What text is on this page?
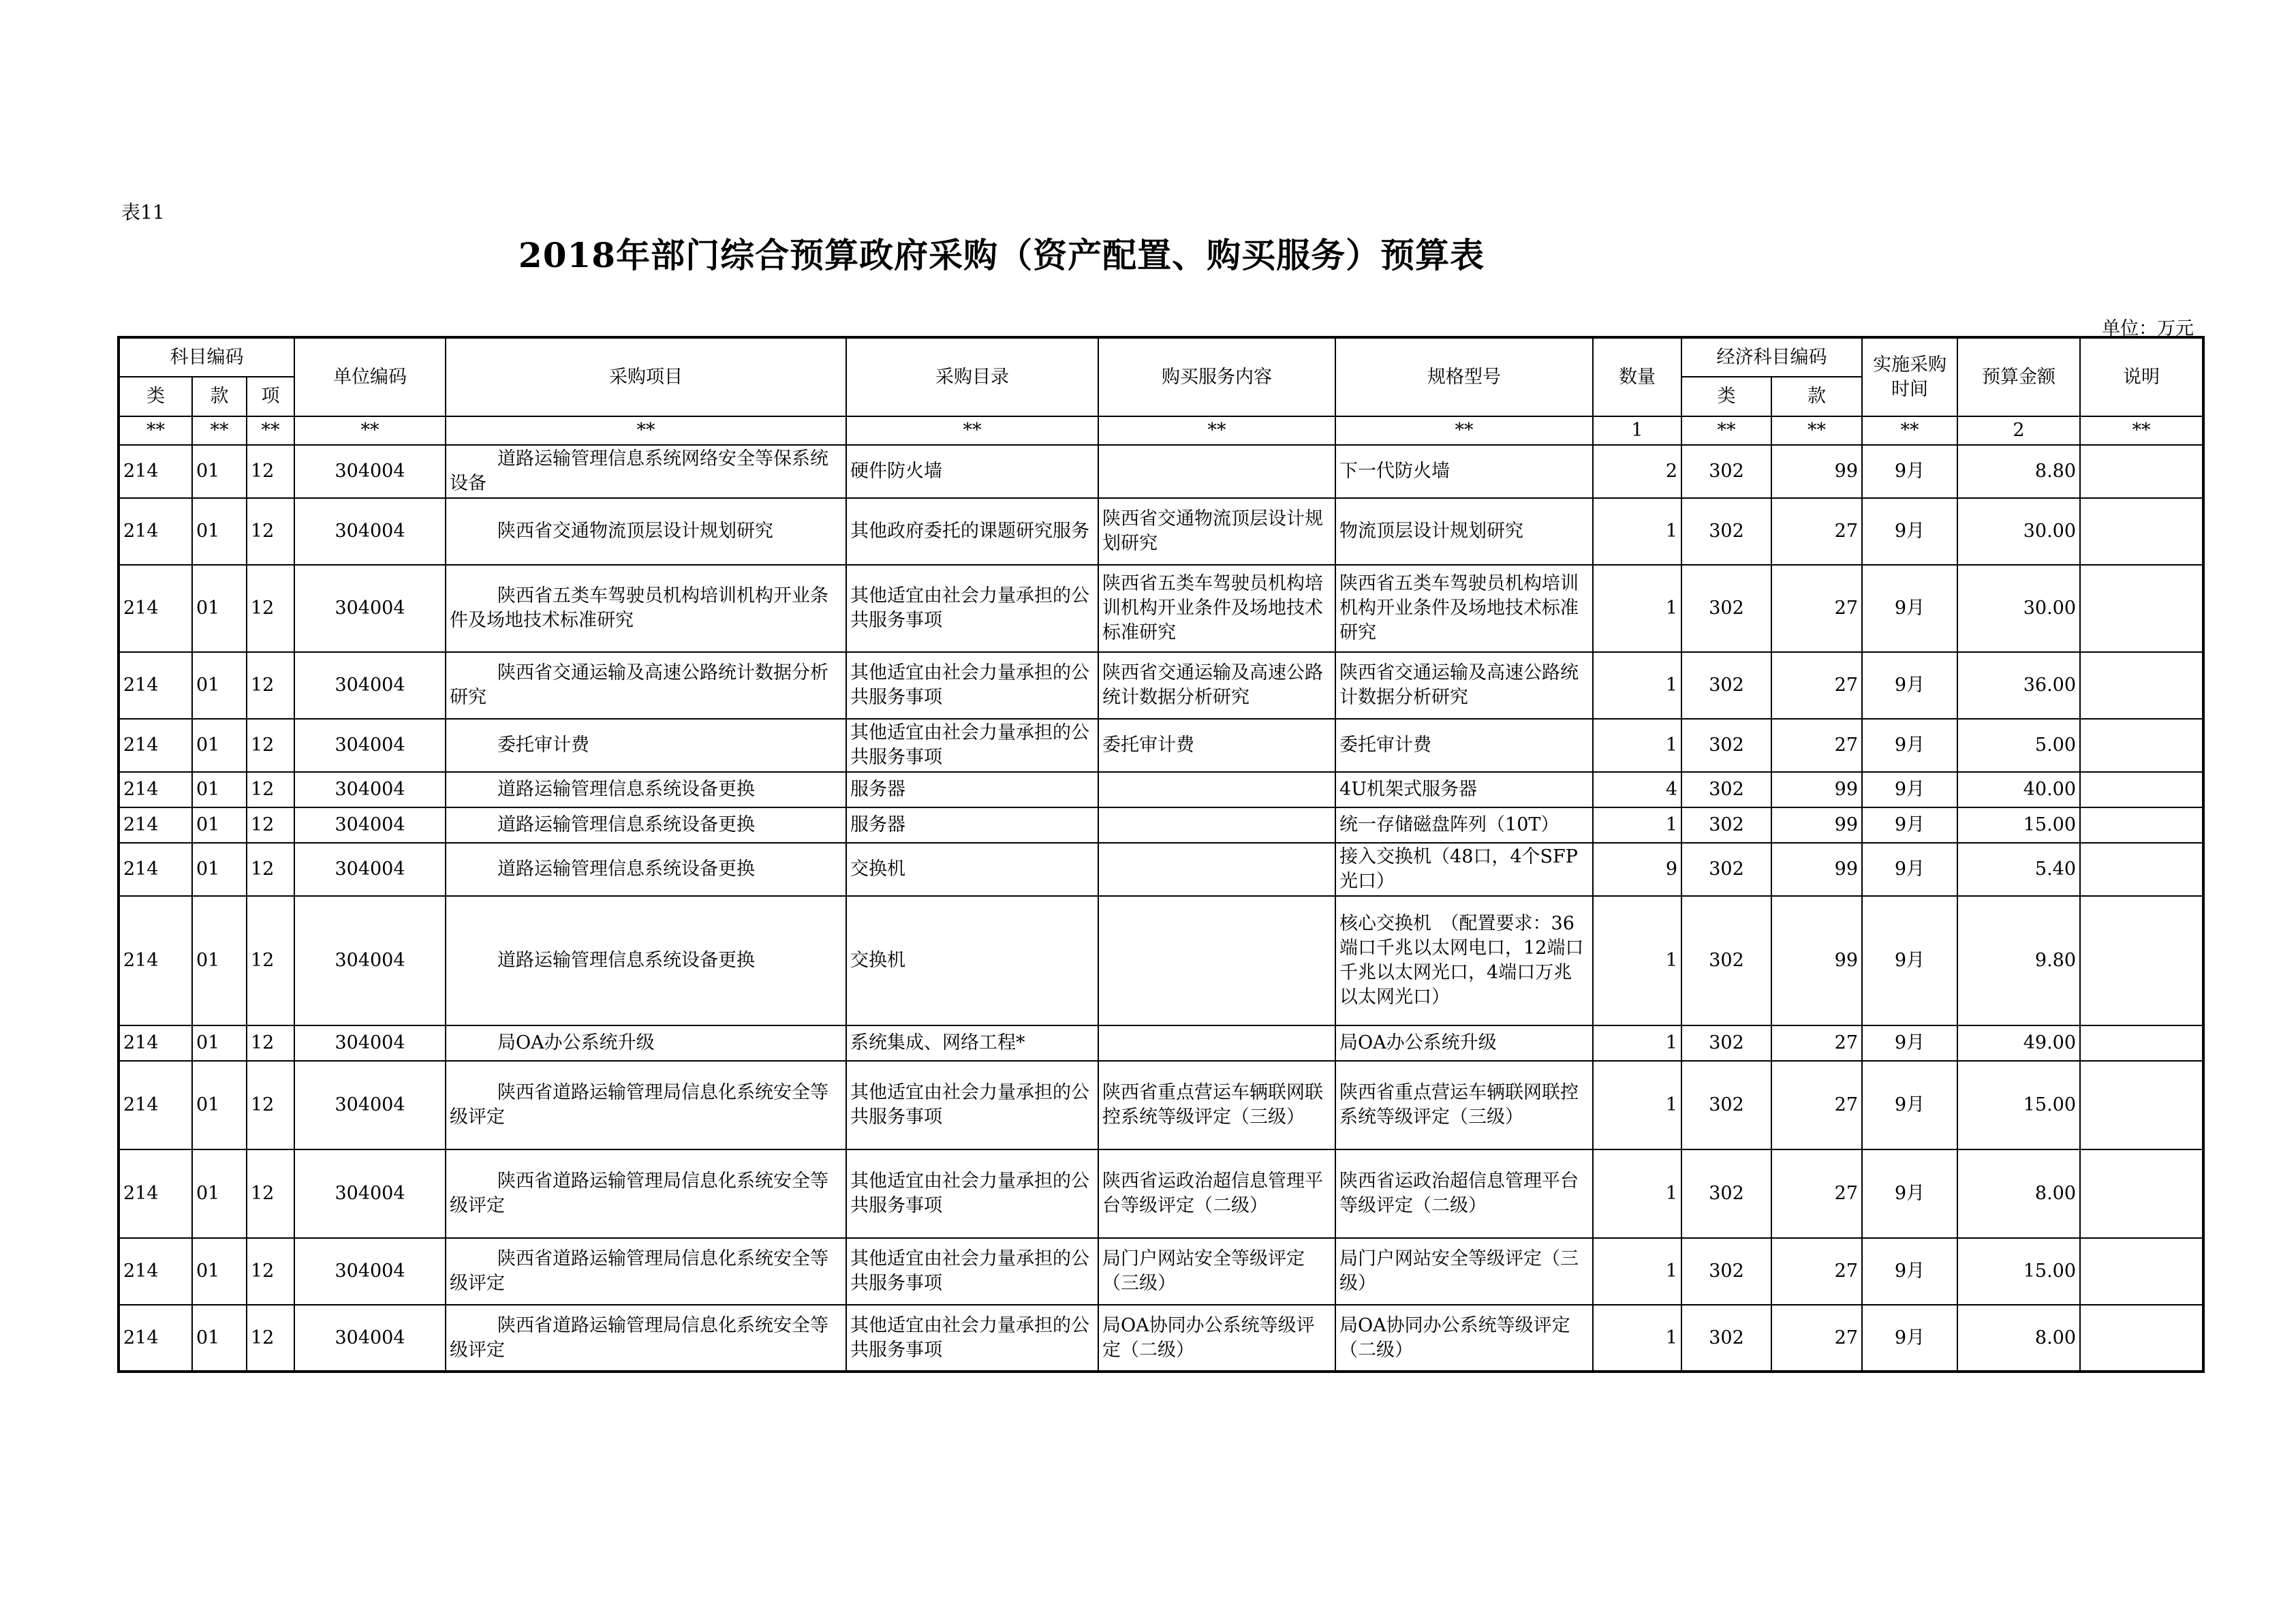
表11
2018年部门综合预算政府采购（资产配置、购买服务）预算表
单位：万元
科目编码			单位编码	采购项目	采购目录	购买服务内容	规格型号	数量	经济科目编码		实施采购时间	预算金额	说明
类	款	项							类	款			
**	**	**	**	**	**	**	**	1	**	**	**	2	**
214	01	12	304004	道路运输管理信息系统网络安全等保系统设备	硬件防火墙		下一代防火墙	2	302	99	9月	8.80	
214	01	12	304004	陕西省交通物流顶层设计规划研究	其他政府委托的课题研究服务	陕西省交通物流顶层设计规划研究	物流顶层设计规划研究	1	302	27	9月	30.00	
214	01	12	304004	陕西省五类车驾驶员机构培训机构开业条件及场地技术标准研究	其他适宜由社会力量承担的公共服务事项	陕西省五类车驾驶员机构培训机构开业条件及场地技术标准研究	陕西省五类车驾驶员机构培训机构开业条件及场地技术标准研究	1	302	27	9月	30.00	
214	01	12	304004	陕西省交通运输及高速公路统计数据分析研究	其他适宜由社会力量承担的公共服务事项	陕西省交通运输及高速公路统计数据分析研究	陕西省交通运输及高速公路统计数据分析研究	1	302	27	9月	36.00	
214	01	12	304004	委托审计费	其他适宜由社会力量承担的公共服务事项	委托审计费	委托审计费	1	302	27	9月	5.00	
214	01	12	304004	道路运输管理信息系统设备更换	服务器		4U机架式服务器	4	302	99	9月	40.00	
214	01	12	304004	道路运输管理信息系统设备更换	服务器		统一存储磁盘阵列（10T）	1	302	99	9月	15.00	
214	01	12	304004	道路运输管理信息系统设备更换	交换机		接入交换机（48口，4个SFP光口）	9	302	99	9月	5.40	
214	01	12	304004	道路运输管理信息系统设备更换	交换机		核心交换机　（配置要求：36端口千兆以太网电口，12端口千兆以太网光口，4端口万兆以太网光口）	1	302	99	9月	9.80	
214	01	12	304004	局OA办公系统升级	系统集成、网络工程*		局OA办公系统升级	1	302	27	9月	49.00	
214	01	12	304004	陕西省道路运输管理局信息化系统安全等级评定	其他适宜由社会力量承担的公共服务事项	陕西省重点营运车辆联网联控系统等级评定（三级）	陕西省重点营运车辆联网联控系统等级评定（三级）	1	302	27	9月	15.00	
214	01	12	304004	陕西省道路运输管理局信息化系统安全等级评定	其他适宜由社会力量承担的公共服务事项	陕西省运政治超信息管理平台等级评定（二级）	陕西省运政治超信息管理平台等级评定（二级）	1	302	27	9月	8.00	
214	01	12	304004	陕西省道路运输管理局信息化系统安全等级评定	其他适宜由社会力量承担的公共服务事项	局门户网站安全等级评定（三级）	局门户网站安全等级评定（三级）	1	302	27	9月	15.00	
214	01	12	304004	陕西省道路运输管理局信息化系统安全等级评定	其他适宜由社会力量承担的公共服务事项	局OA协同办公系统等级评定（二级）	局OA协同办公系统等级评定（二级）	1	302	27	9月	8.00	
